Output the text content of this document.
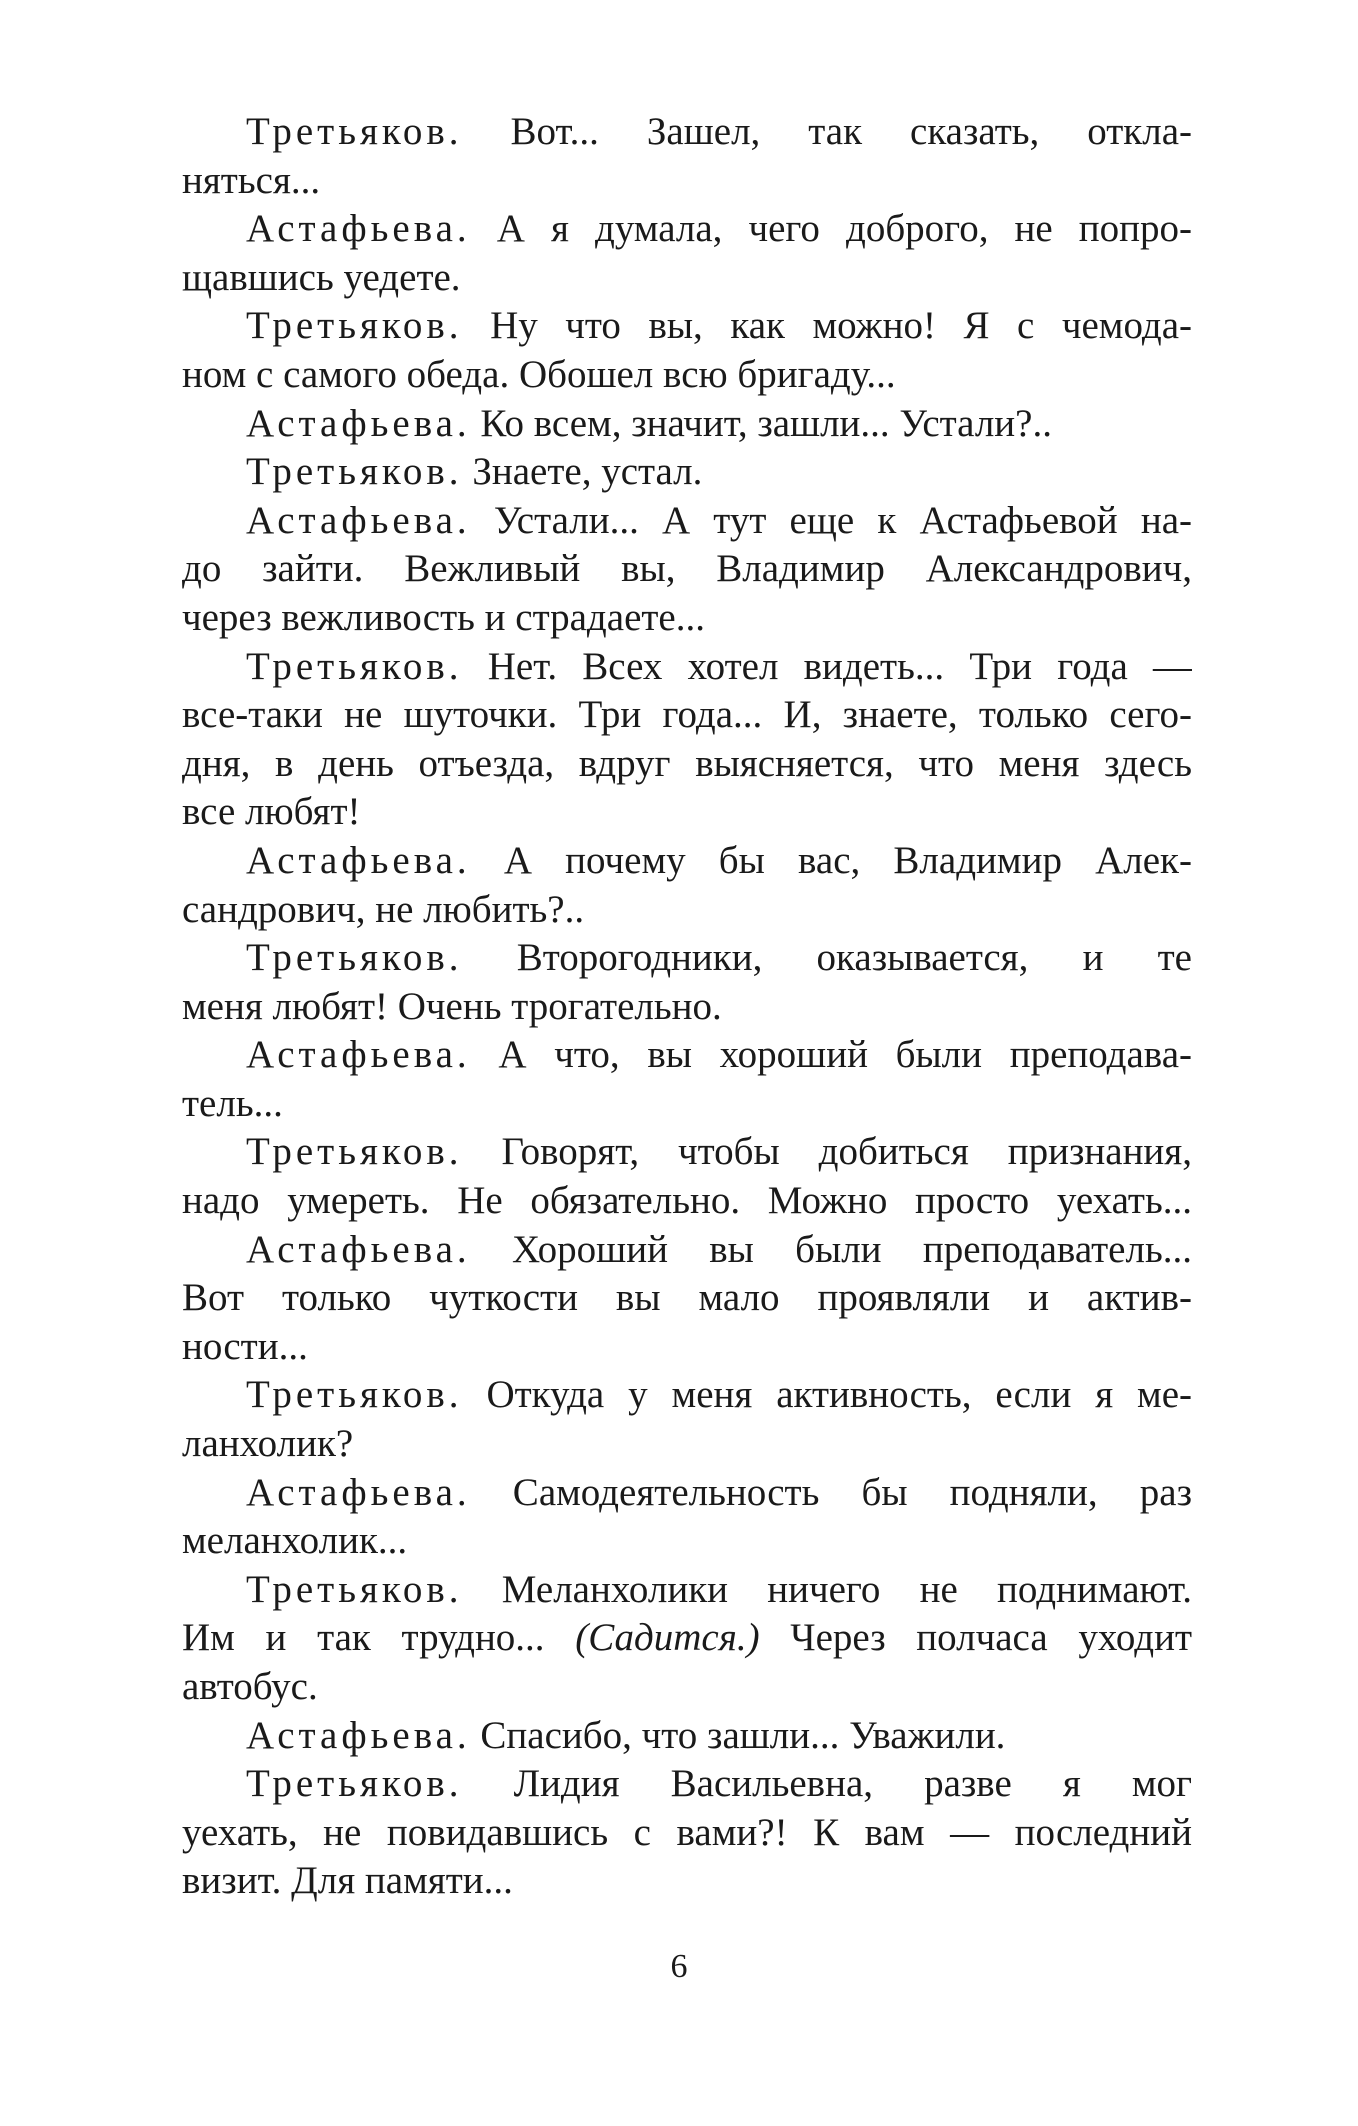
Третьяков. Вот... Зашел, так сказать, откла-
няться...
Астафьева. А я думала, чего доброго, не попро-
щавшись уедете.
Третьяков. Ну что вы, как можно! Я с чемода-
ном с самого обеда. Обошел всю бригаду...
Астафьева. Ко всем, значит, зашли... Устали?..
Третьяков. Знаете, устал.
Астафьева. Устали... А тут еще к Астафьевой на-
до зайти. Вежливый вы, Владимир Александрович,
через вежливость и страдаете...
Третьяков. Нет. Всех хотел видеть... Три года —
все-таки не шуточки. Три года... И, знаете, только сего-
дня, в день отъезда, вдруг выясняется, что меня здесь
все любят!
Астафьева. А почему бы вас, Владимир Алек-
сандрович, не любить?..
Третьяков. Второгодники, оказывается, и те
меня любят! Очень трогательно.
Астафьева. А что, вы хороший были преподава-
тель...
Третьяков. Говорят, чтобы добиться признания,
надо умереть. Не обязательно. Можно просто уехать...
Астафьева. Хороший вы были преподаватель...
Вот только чуткости вы мало проявляли и актив-
ности...
Третьяков. Откуда у меня активность, если я ме-
ланхолик?
Астафьева. Самодеятельность бы подняли, раз
меланхолик...
Третьяков. Меланхолики ничего не поднимают.
Им и так трудно... (Садится.) Через полчаса уходит
автобус.
Астафьева. Спасибо, что зашли... Уважили.
Третьяков. Лидия Васильевна, разве я мог
уехать, не повидавшись с вами?! К вам — последний
визит. Для памяти...
6
